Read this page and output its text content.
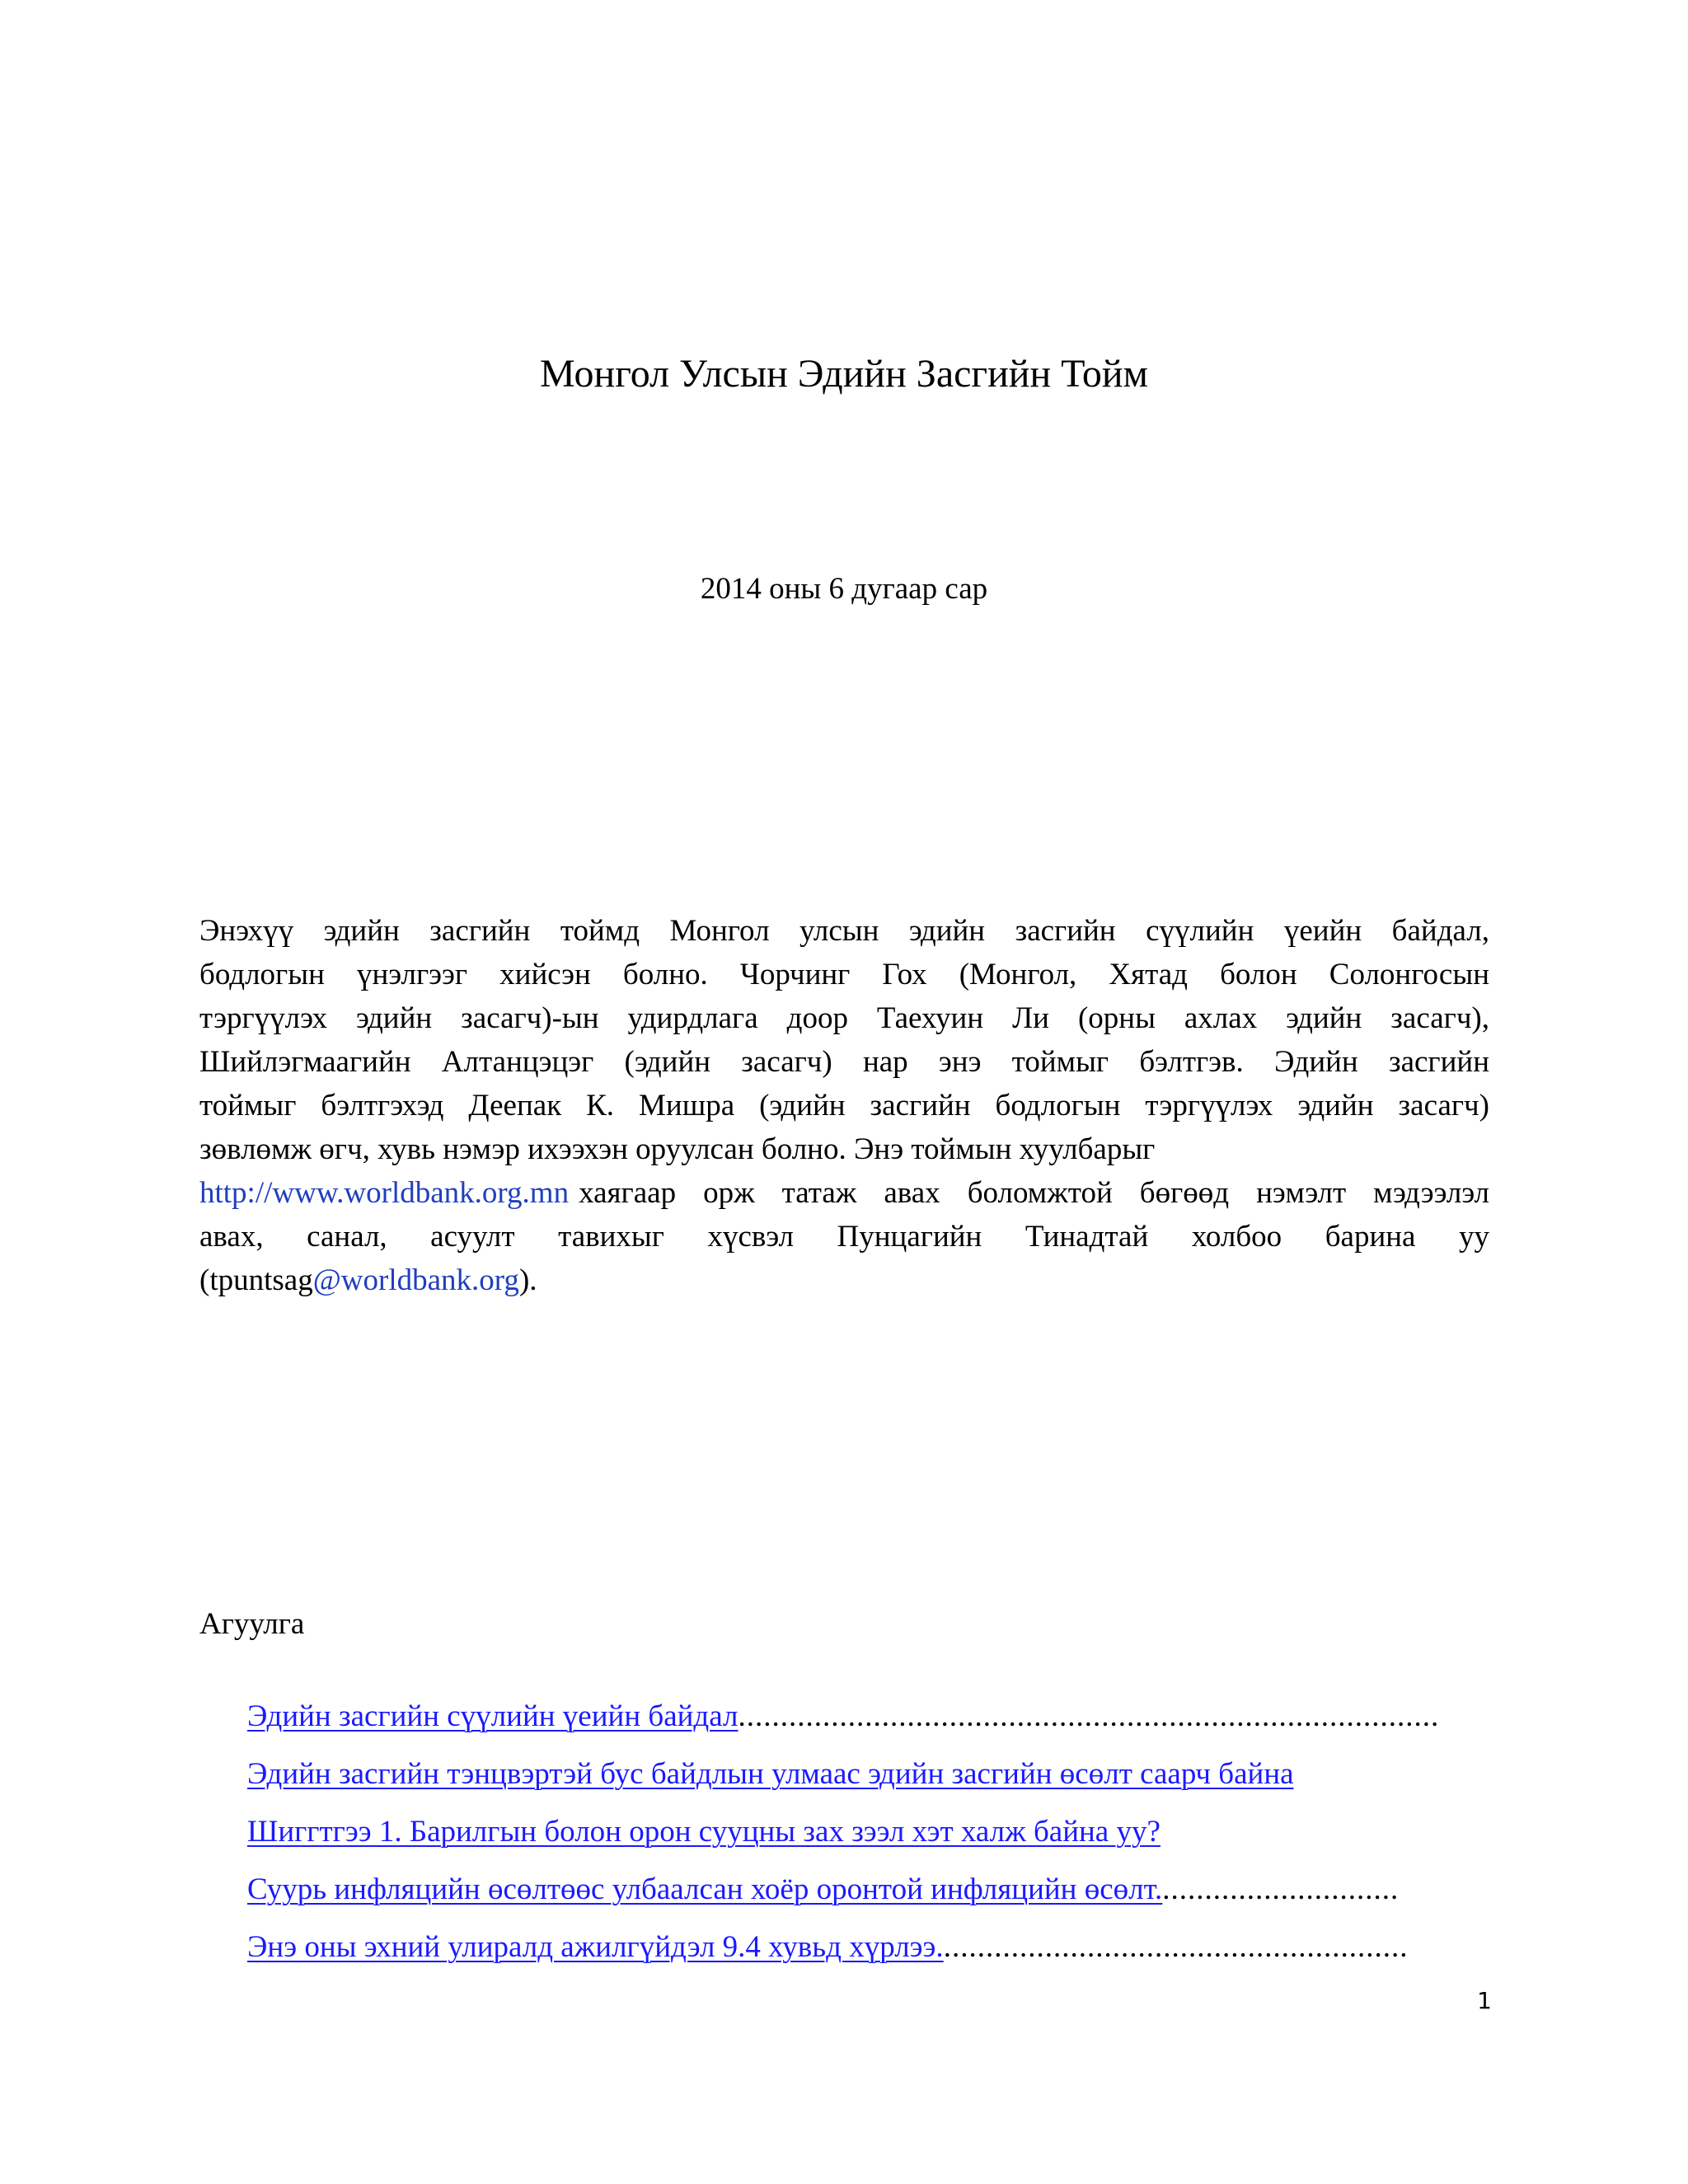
Монгол Улсын Эдийн Засгийн Тойм
2014 оны 6 дугаар сар
Энэхүү эдийн засгийн тоймд Монгол улсын эдийн засгийн сүүлийн үеийн байдал,
бодлогын үнэлгээг хийсэн болно. Чорчинг Гох (Монгол, Хятад болон Солонгосын
тэргүүлэх эдийн засагч)-ын удирдлага доор Таехуин Ли (орны ахлах эдийн засагч),
Шийлэгмаагийн Алтанцэцэг (эдийн засагч) нар энэ тоймыг бэлтгэв. Эдийн засгийн
тоймыг бэлтгэхэд Деепак К. Мишра (эдийн засгийн бодлогын тэргүүлэх эдийн засагч)
зөвлөмж өгч, хувь нэмэр ихээхэн оруулсан болно. Энэ тоймын хуулбарыг
http://www.worldbank.org.mn хаягаар орж татаж авах боломжтой бөгөөд нэмэлт мэдээлэл
авах, санал, асуулт тавихыг хүсвэл Пунцагийн Тинадтай холбоо барина уу
(tpuntsag@worldbank.org).
Агуулга
Эдийн засгийн сүүлийн үеийн байдал ...................................................................................
Эдийн засгийн тэнцвэртэй бус байдлын улмаас эдийн засгийн өсөлт саарч байна
Шиггтгээ 1. Барилгын болон орон сууцны зах зээл хэт халж байна уу?
Суурь инфляцийн өсөлтөөс улбаалсан хоёр оронтой инфляцийн өсөлт. ............................
Энэ оны эхний улиралд ажилгүйдэл 9.4 хувьд хүрлээ. .......................................................
1
